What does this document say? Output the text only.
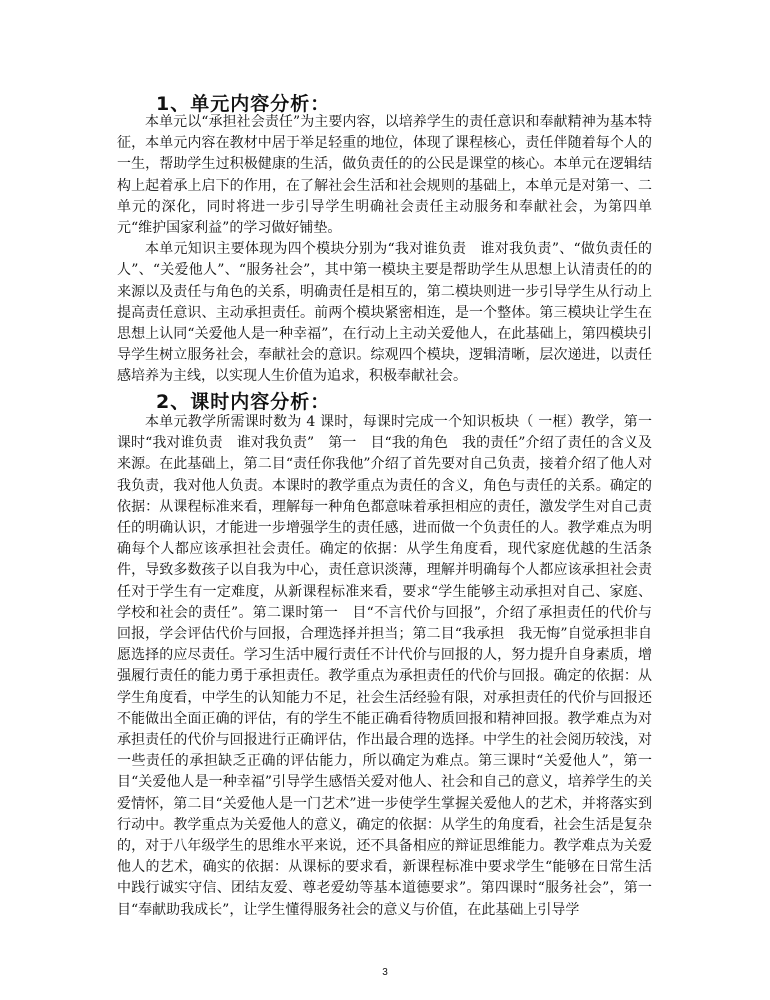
1、单元内容分析：

本单元以“承担社会责任”为主要内容，以培养学生的责任意识和奉献精神为基本特征，本单元内容在教材中居于举足轻重的地位，体现了课程核心，责任伴随着每个人的一生，帮助学生过积极健康的生活，做负责任的的公民是课堂的核心。本单元在逻辑结构上起着承上启下的作用，在了解社会生活和社会规则的基础上，本单元是对第一、二单元的深化，同时将进一步引导学生明确社会责任主动服务和奉献社会，为第四单元“维护国家利益”的学习做好铺垫。

本单元知识主要体现为四个模块分别为“我对谁负责　谁对我负责”、“做负责任的人”、“关爱他人”、“服务社会”，其中第一模块主要是帮助学生从思想上认清责任的的来源以及责任与角色的关系，明确责任是相互的，第二模块则进一步引导学生从行动上提高责任意识、主动承担责任。前两个模块紧密相连，是一个整体。第三模块让学生在思想上认同“关爱他人是一种幸福”，在行动上主动关爱他人，在此基础上，第四模块引导学生树立服务社会，奉献社会的意识。综观四个模块，逻辑清晰，层次递进，以责任感培养为主线，以实现人生价值为追求，积极奉献社会。

2、课时内容分析：

本单元教学所需课时数为 4 课时，每课时完成一个知识板块（ 一框）教学，第一课时“我对谁负责　谁对我负责”　第一　目“我的角色　我的责任”介绍了责任的含义及来源。在此基础上，第二目“责任你我他”介绍了首先要对自己负责，接着介绍了他人对我负责，我对他人负责。本课时的教学重点为责任的含义，角色与责任的关系。确定的依据：从课程标准来看，理解每一种角色都意味着承担相应的责任，激发学生对自己责任的明确认识，才能进一步增强学生的责任感，进而做一个负责任的人。教学难点为明确每个人都应该承担社会责任。确定的依据：从学生角度看，现代家庭优越的生活条件，导致多数孩子以自我为中心，责任意识淡薄，理解并明确每个人都应该承担社会责任对于学生有一定难度，从新课程标准来看，要求“学生能够主动承担对自己、家庭、学校和社会的责任”。第二课时第一　目“不言代价与回报”，介绍了承担责任的代价与回报，学会评估代价与回报，合理选择并担当；第二目“我承担　我无悔”自觉承担非自愿选择的应尽责任。学习生活中履行责任不计代价与回报的人，努力提升自身素质，增强履行责任的能力勇于承担责任。教学重点为承担责任的代价与回报。确定的依据：从学生角度看，中学生的认知能力不足，社会生活经验有限，对承担责任的代价与回报还不能做出全面正确的评估，有的学生不能正确看待物质回报和精神回报。教学难点为对承担责任的代价与回报进行正确评估，作出最合理的选择。中学生的社会阅历较浅，对一些责任的承担缺乏正确的评估能力，所以确定为难点。第三课时“关爱他人”，第一　目“关爱他人是一种幸福”引导学生感悟关爱对他人、社会和自己的意义，培养学生的关爱情怀，第二目“关爱他人是一门艺术”进一步使学生掌握关爱他人的艺术，并将落实到行动中。教学重点为关爱他人的意义，确定的依据：从学生的角度看，社会生活是复杂的，对于八年级学生的思维水平来说，还不具备相应的辩证思维能力。教学难点为关爱他人的艺术，确实的依据：从课标的要求看，新课程标准中要求学生“能够在日常生活中践行诚实守信、团结友爱、尊老爱幼等基本道德要求”。第四课时“服务社会”，第一　目“奉献助我成长”，让学生懂得服务社会的意义与价值，在此基础上引导学

3
